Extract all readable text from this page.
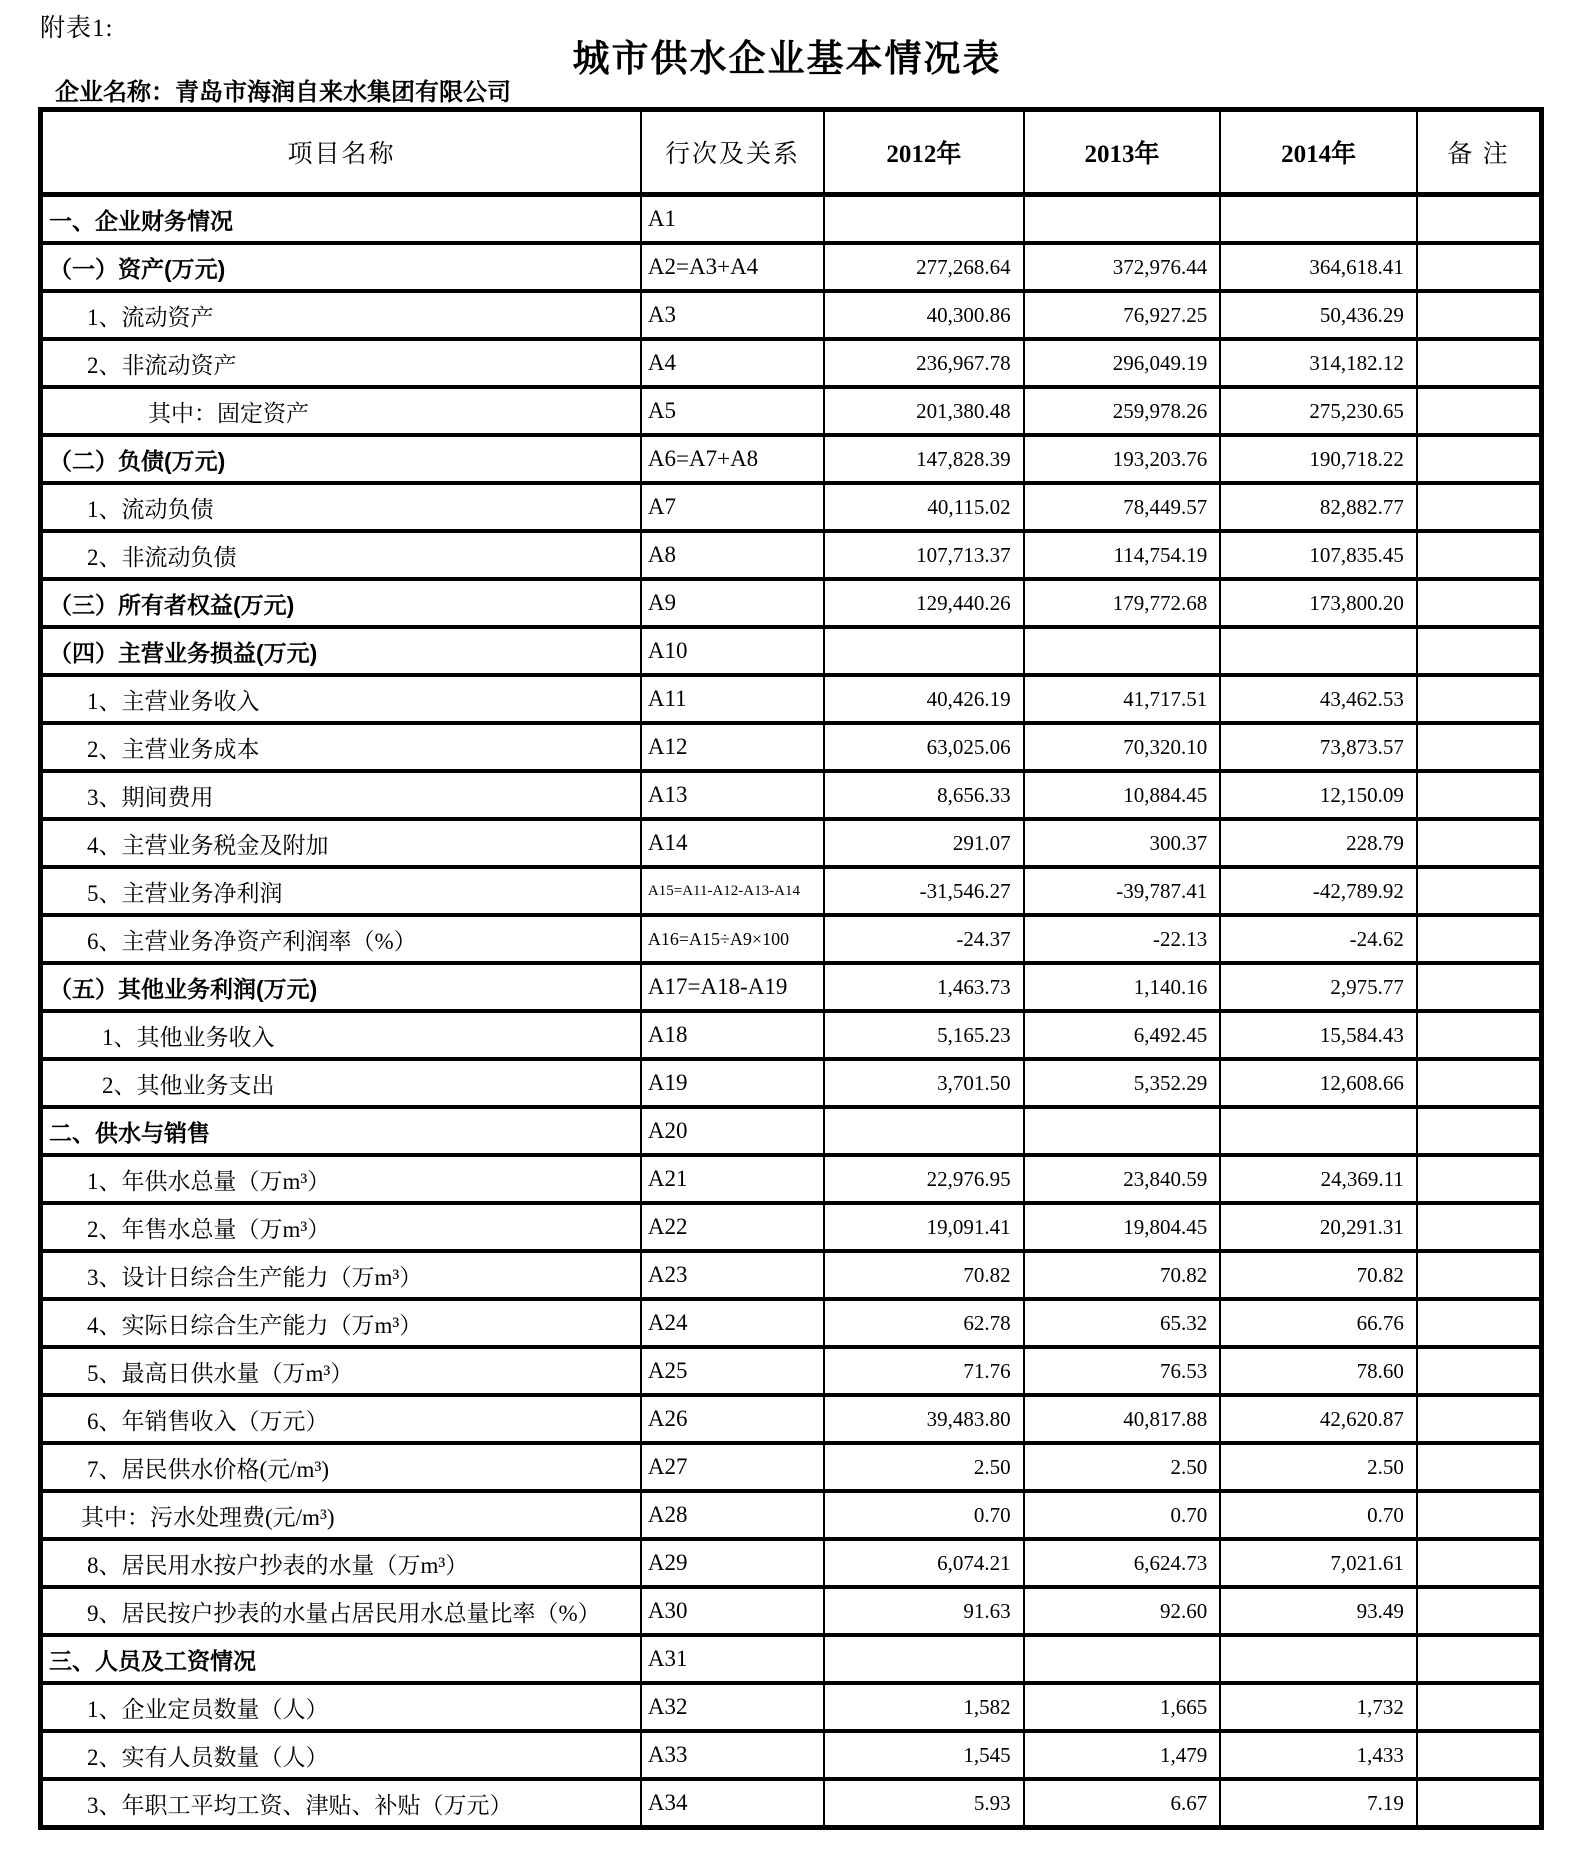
附表1:
城市供水企业基本情况表
企业名称：青岛市海润自来水集团有限公司
项目名称	行次及关系	2012年	2013年	2014年	备 注
一、企业财务情况	A1				
（一）资产(万元)	A2=A3+A4	277,268.64	372,976.44	364,618.41	
1、流动资产	A3	40,300.86	76,927.25	50,436.29	
2、非流动资产	A4	236,967.78	296,049.19	314,182.12	
其中：固定资产	A5	201,380.48	259,978.26	275,230.65	
（二）负债(万元)	A6=A7+A8	147,828.39	193,203.76	190,718.22	
1、流动负债	A7	40,115.02	78,449.57	82,882.77	
2、非流动负债	A8	107,713.37	114,754.19	107,835.45	
（三）所有者权益(万元)	A9	129,440.26	179,772.68	173,800.20	
（四）主营业务损益(万元)	A10				
1、主营业务收入	A11	40,426.19	41,717.51	43,462.53	
2、主营业务成本	A12	63,025.06	70,320.10	73,873.57	
3、期间费用	A13	8,656.33	10,884.45	12,150.09	
4、主营业务税金及附加	A14	291.07	300.37	228.79	
5、主营业务净利润	A15=A11-A12-A13-A14	-31,546.27	-39,787.41	-42,789.92	
6、主营业务净资产利润率（%）	A16=A15÷A9×100	-24.37	-22.13	-24.62	
（五）其他业务利润(万元)	A17=A18-A19	1,463.73	1,140.16	2,975.77	
1、其他业务收入	A18	5,165.23	6,492.45	15,584.43	
2、其他业务支出	A19	3,701.50	5,352.29	12,608.66	
二、供水与销售	A20				
1、年供水总量（万m³）	A21	22,976.95	23,840.59	24,369.11	
2、年售水总量（万m³）	A22	19,091.41	19,804.45	20,291.31	
3、设计日综合生产能力（万m³）	A23	70.82	70.82	70.82	
4、实际日综合生产能力（万m³）	A24	62.78	65.32	66.76	
5、最高日供水量（万m³）	A25	71.76	76.53	78.60	
6、年销售收入（万元）	A26	39,483.80	40,817.88	42,620.87	
7、居民供水价格(元/m³)	A27	2.50	2.50	2.50	
其中：污水处理费(元/m³)	A28	0.70	0.70	0.70	
8、居民用水按户抄表的水量（万m³）	A29	6,074.21	6,624.73	7,021.61	
9、居民按户抄表的水量占居民用水总量比率（%）	A30	91.63	92.60	93.49	
三、人员及工资情况	A31				
1、企业定员数量（人）	A32	1,582	1,665	1,732	
2、实有人员数量（人）	A33	1,545	1,479	1,433	
3、年职工平均工资、津贴、补贴（万元）	A34	5.93	6.67	7.19	
